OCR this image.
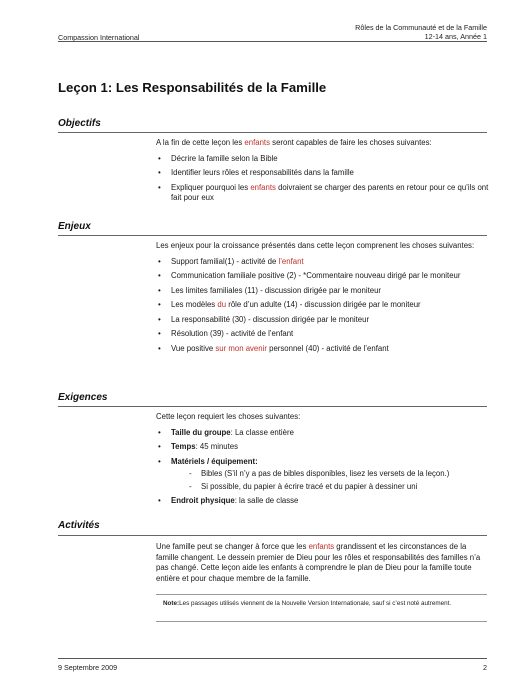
Rôles de la Communauté et de la Famille
12-14 ans, Année 1
Compassion International
Leçon 1: Les Responsabilités de la Famille
Objectifs

A la fin de cette leçon les enfants seront capables de faire les choses suivantes:

• Décrire la famille selon la Bible
• Identifier leurs rôles et responsabilités dans la famille
• Expliquer pourquoi les enfants doivraient se charger des parents en retour pour ce qu’ils ont fait pour eux
Enjeux

Les enjeux pour la croissance présentés dans cette leçon comprenent les choses suivantes:

• Support familial(1) - activité de l’enfant
• Communication familiale positive (2) - *Commentaire nouveau dirigé par le moniteur
• Les limites familiales (11) - discussion dirigée par le moniteur
• Les modèles du rôle d’un adulte (14) - discussion dirigée par le moniteur
• La responsabilité (30) - discussion dirigée par le moniteur
• Résolution (39) - activité de l’enfant
• Vue positive sur mon avenir personnel (40) - activité de l’enfant
Exigences

Cette leçon requiert les choses suivantes:

• Taille du groupe: La classe entière
• Temps: 45 minutes
• Matériels / équipement:
- Bibles (S’il n’y a pas de bibles disponibles, lisez les versets de la leçon.)
- Si possible, du papier à écrire tracé et du papier à dessiner uni
• Endroit physique: la salle de classe
Activités

Une famille peut se changer à force que les enfants grandissent et les circonstances de la famille changent. Le dessein premier de Dieu pour les rôles et responsabilités des familles n’a pas changé. Cette leçon aide les enfants à comprendre le plan de Dieu pour la famille toute entière et pour chaque membre de la famille.

Note:Les passages utilisés viennent de la Nouvelle Version Internationale, sauf si c’est noté autrement.
9 Septembre 2009	2
